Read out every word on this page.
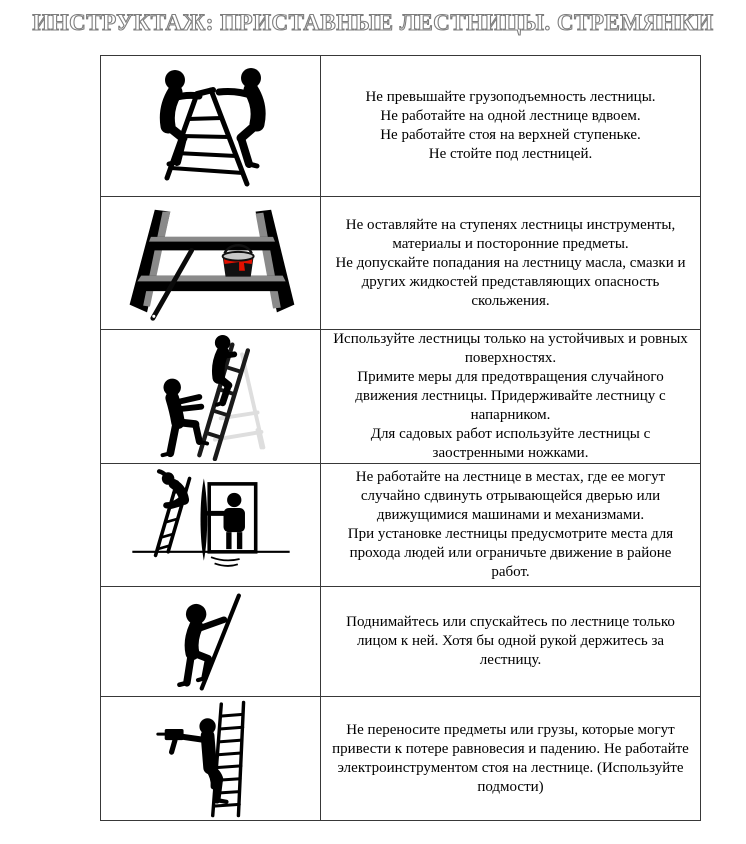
ИНСТРУКТАЖ: ПРИСТАВНЫЕ ЛЕСТНИЦЫ. СТРЕМЯНКИ

Не превышайте грузоподъемность лестницы.

Не работайте на одной лестнице вдвоем.

Не работайте стоя на верхней ступеньке.

Не стойте под лестницей.

Не оставляйте на ступенях лестницы инструменты, материалы и посторонние предметы.

Не допускайте попадания на лестницу масла, смазки и других жидкостей представляющих опасность скольжения.

Используйте лестницы только на устойчивых и ровных поверхностях.

Примите меры для предотвращения случайного движения лестницы. Придерживайте лестницу с напарником.

Для садовых работ используйте лестницы с заостренными ножками.

Не работайте на лестнице в местах, где ее могут случайно сдвинуть отрывающейся дверью или движущимися машинами и механизмами.

При установке лестницы предусмотрите места для прохода людей или ограничьте движение в районе работ.

Поднимайтесь или спускайтесь по лестнице только лицом к ней. Хотя бы одной рукой держитесь за лестницу.

Не переносите предметы или грузы, которые могут привести к потере равновесия и падению. Не работайте электроинструментом стоя на лестнице. (Используйте подмости)
